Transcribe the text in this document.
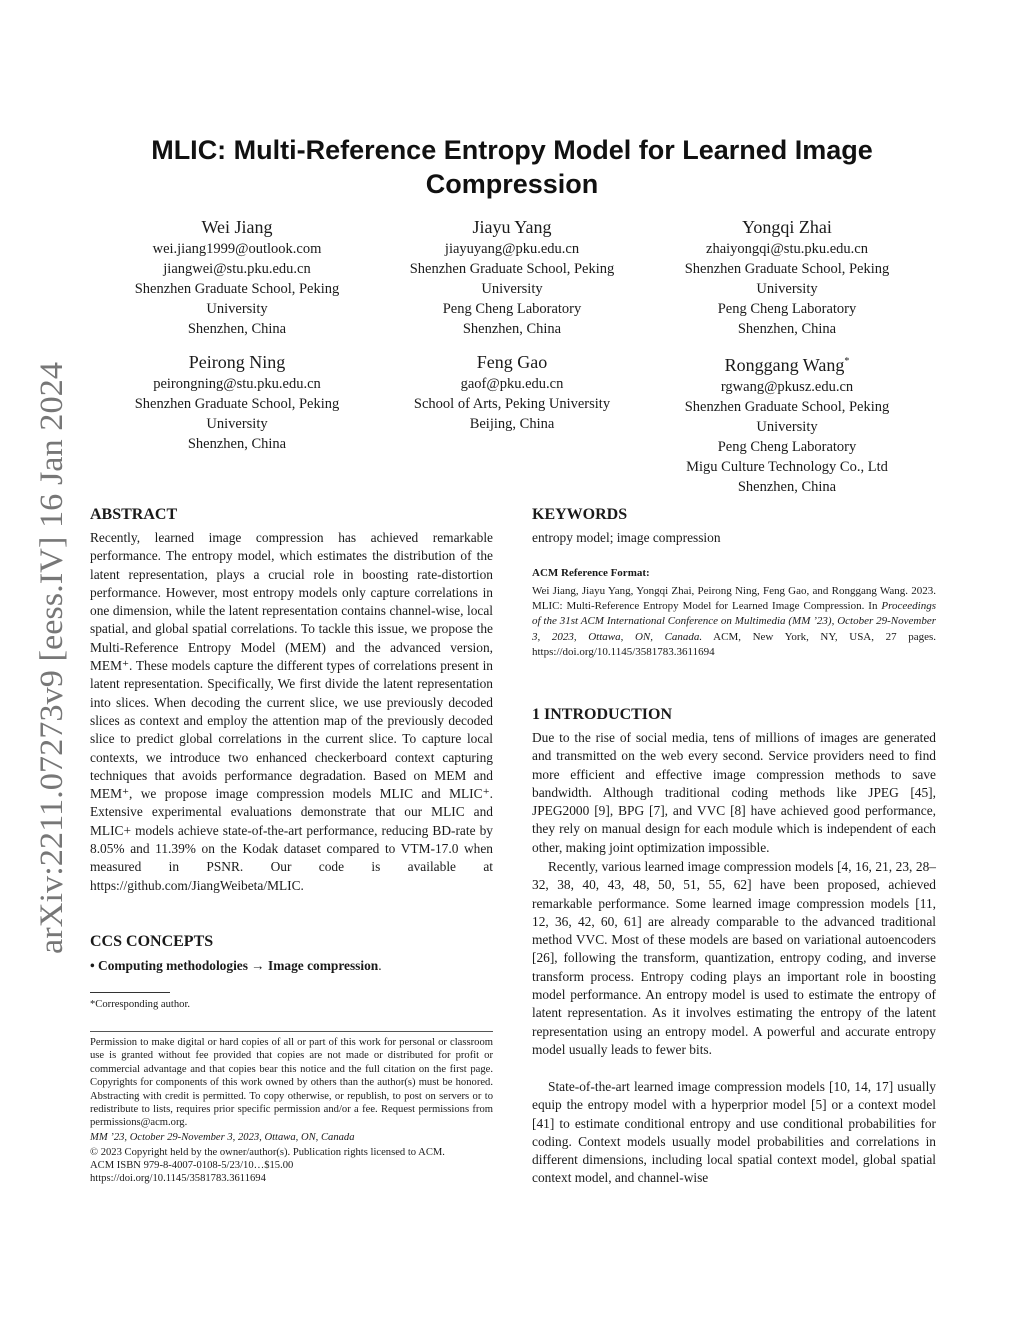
arXiv:2211.07273v9 [eess.IV] 16 Jan 2024
MLIC: Multi-Reference Entropy Model for Learned Image
Compression
Wei Jiang
wei.jiang1999@outlook.com
jiangwei@stu.pku.edu.cn
Shenzhen Graduate School, Peking
University
Shenzhen, China
Jiayu Yang
jiayuyang@pku.edu.cn
Shenzhen Graduate School, Peking
University
Peng Cheng Laboratory
Shenzhen, China
Yongqi Zhai
zhaiyongqi@stu.pku.edu.cn
Shenzhen Graduate School, Peking
University
Peng Cheng Laboratory
Shenzhen, China
Peirong Ning
peirongning@stu.pku.edu.cn
Shenzhen Graduate School, Peking
University
Shenzhen, China
Feng Gao
gaof@pku.edu.cn
School of Arts, Peking University
Beijing, China
Ronggang Wang*
rgwang@pkusz.edu.cn
Shenzhen Graduate School, Peking
University
Peng Cheng Laboratory
Migu Culture Technology Co., Ltd
Shenzhen, China
ABSTRACT

Recently, learned image compression has achieved remarkable performance. The entropy model, which estimates the distribution of the latent representation, plays a crucial role in boosting rate-distortion performance. However, most entropy models only capture correlations in one dimension, while the latent representation contains channel-wise, local spatial, and global spatial correlations. To tackle this issue, we propose the Multi-Reference Entropy Model (MEM) and the advanced version, MEM⁺. These models capture the different types of correlations present in latent representation. Specifically, We first divide the latent representation into slices. When decoding the current slice, we use previously decoded slices as context and employ the attention map of the previously decoded slice to predict global correlations in the current slice. To capture local contexts, we introduce two enhanced checkerboard context capturing techniques that avoids performance degradation. Based on MEM and MEM⁺, we propose image compression models MLIC and MLIC⁺. Extensive experimental evaluations demonstrate that our MLIC and MLIC+ models achieve state-of-the-art performance, reducing BD-rate by 8.05% and 11.39% on the Kodak dataset compared to VTM-17.0 when measured in PSNR. Our code is available at https://github.com/JiangWeibeta/MLIC.

CCS CONCEPTS

• Computing methodologies → Image compression.

*Corresponding author.

Permission to make digital or hard copies of all or part of this work for personal or classroom use is granted without fee provided that copies are not made or distributed for profit or commercial advantage and that copies bear this notice and the full citation on the first page. Copyrights for components of this work owned by others than the author(s) must be honored. Abstracting with credit is permitted. To copy otherwise, or republish, to post on servers or to redistribute to lists, requires prior specific permission and/or a fee. Request permissions from permissions@acm.org.

MM ’23, October 29-November 3, 2023, Ottawa, ON, Canada

© 2023 Copyright held by the owner/author(s). Publication rights licensed to ACM.

ACM ISBN 979-8-4007-0108-5/23/10…$15.00

https://doi.org/10.1145/3581783.3611694

KEYWORDS

entropy model; image compression

ACM Reference Format:

Wei Jiang, Jiayu Yang, Yongqi Zhai, Peirong Ning, Feng Gao, and Ronggang Wang. 2023. MLIC: Multi-Reference Entropy Model for Learned Image Compression. In Proceedings of the 31st ACM International Conference on Multimedia (MM ’23), October 29-November 3, 2023, Ottawa, ON, Canada. ACM, New York, NY, USA, 27 pages. https://doi.org/10.1145/3581783.3611694

1 INTRODUCTION

Due to the rise of social media, tens of millions of images are generated and transmitted on the web every second. Service providers need to find more efficient and effective image compression methods to save bandwidth. Although traditional coding methods like JPEG [45], JPEG2000 [9], BPG [7], and VVC [8] have achieved good performance, they rely on manual design for each module which is independent of each other, making joint optimization impossible.

Recently, various learned image compression models [4, 16, 21, 23, 28–32, 38, 40, 43, 48, 50, 51, 55, 62] have been proposed, achieved remarkable performance. Some learned image compression models [11, 12, 36, 42, 60, 61] are already comparable to the advanced traditional method VVC. Most of these models are based on variational autoencoders [26], following the transform, quantization, entropy coding, and inverse transform process. Entropy coding plays an important role in boosting model performance. An entropy model is used to estimate the entropy of latent representation. As it involves estimating the entropy of the latent representation using an entropy model. A powerful and accurate entropy model usually leads to fewer bits.

State-of-the-art learned image compression models [10, 14, 17] usually equip the entropy model with a hyperprior model [5] or a context model [41] to estimate conditional entropy and use conditional probabilities for coding. Context models usually model probabilities and correlations in different dimensions, including local spatial context model, global spatial context model, and channel-wise
